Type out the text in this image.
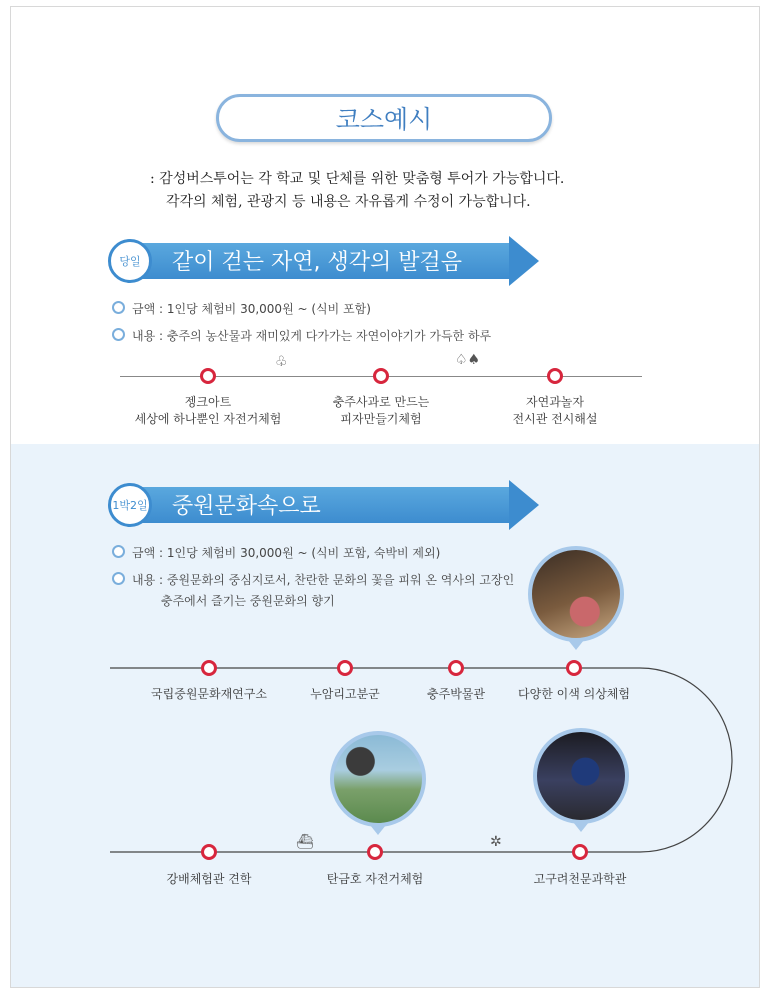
코스예시
: 감성버스투어는 각 학교 및 단체를 위한 맞춤형 투어가 가능합니다.
각각의 체험, 관광지 등 내용은 자유롭게 수정이 가능합니다.
당일	같이 걷는 자연, 생각의 발걸음
금액 : 1인당 체험비 30,000원 ~ (식비 포함)
내용 : 충주의 농산물과 재미있게 다가가는 자연이야기가 가득한 하루
♧	♤♠
젱크아트
세상에 하나뿐인 자전거체험
충주사과로 만드는
피자만들기체험
자연과놀자
전시관 전시해설
1박2일 중원문화속으로
금액 : 1인당 체험비 30,000원 ~ (식비 포함, 숙박비 제외)
내용 : 중원문화의 중심지로서, 찬란한 문화의 꽃을 피워 온 역사의 고장인
충주에서 즐기는 중원문화의 향기
⛴	✲
국립중원문화재연구소	누암리고분군	충주박물관	다양한 이색 의상체험
강배체험관 견학	탄금호 자전거체험	고구려천문과학관
